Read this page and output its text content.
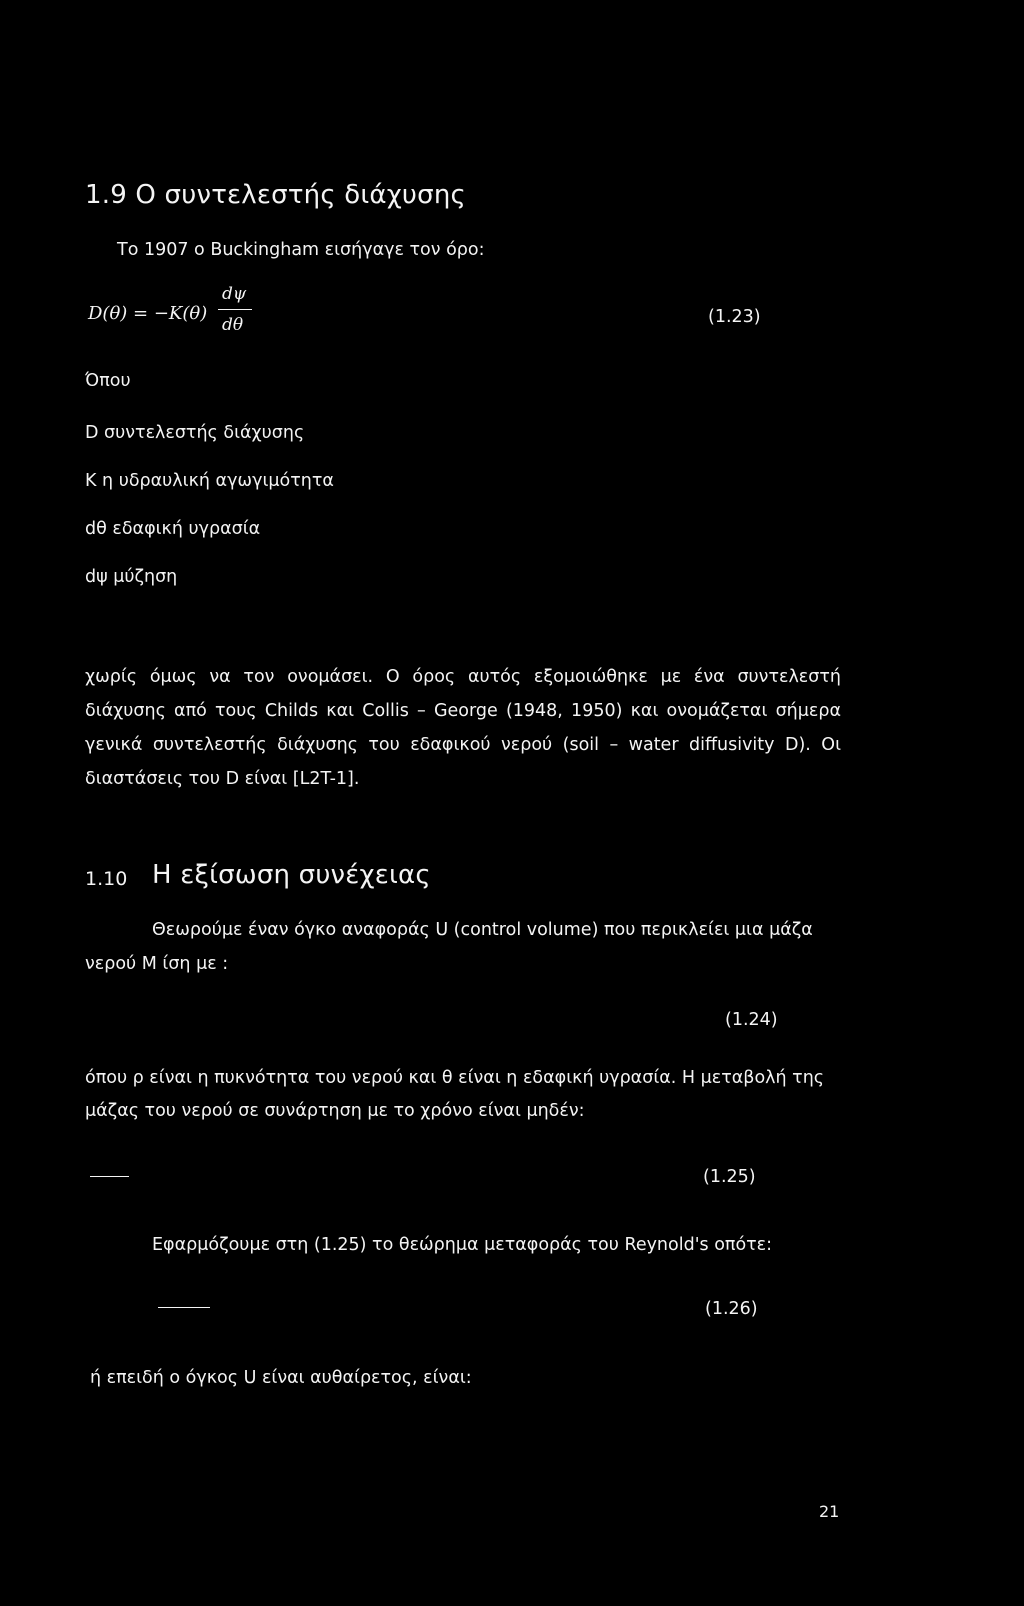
1.9 Ο συντελεστής διάχυσης
Το 1907 ο Buckingham εισήγαγε τον όρο:
D(θ) = −K(θ)
dψ
dθ	(1.23)
Όπου
D συντελεστής διάχυσης
K η υδραυλική αγωγιμότητα
dθ εδαφική υγρασία
dψ μύζηση
χωρίς όμως να τον ονομάσει. Ο όρος αυτός εξομοιώθηκε με ένα συντελεστή
διάχυσης από τους Childs και Collis – George (1948, 1950) και ονομάζεται σήμερα
γενικά συντελεστής διάχυσης του εδαφικού νερού (soil – water diffusivity D). Οι
διαστάσεις του D είναι [L2T-1].
1.10 Η εξίσωση συνέχειας
Θεωρούμε έναν όγκο αναφοράς U (control volume) που περικλείει μια μάζα
νερού Μ ίση με :
(1.24)
όπου ρ είναι η πυκνότητα του νερού και θ είναι η εδαφική υγρασία. Η μεταβολή της
μάζας του νερού σε συνάρτηση με το χρόνο είναι μηδέν:
(1.25)
Εφαρμόζουμε στη (1.25) το θεώρημα μεταφοράς του Reynold's οπότε:
(1.26)
ή επειδή ο όγκος U είναι αυθαίρετος, είναι:
21
